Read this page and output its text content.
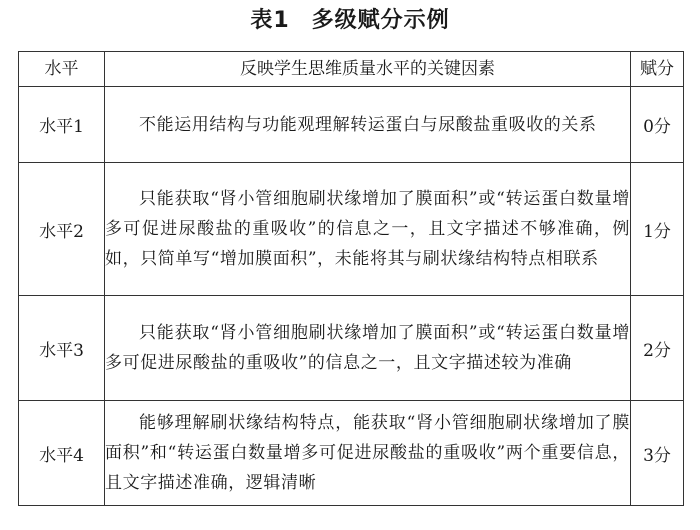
表1 多级赋分示例
水平	反映学生思维质量水平的关键因素	赋分
水平1	不能运用结构与功能观理解转运蛋白与尿酸盐重吸收的关系	0分
水平2	只能获取“肾小管细胞刷状缘增加了膜面积”或“转运蛋白数量增多可促进尿酸盐的重吸收”的信息之一，且文字描述不够准确，例如，只简单写“增加膜面积”，未能将其与刷状缘结构特点相联系	1分
水平3	只能获取“肾小管细胞刷状缘增加了膜面积”或“转运蛋白数量增多可促进尿酸盐的重吸收”的信息之一，且文字描述较为准确	2分
水平4	能够理解刷状缘结构特点，能获取“肾小管细胞刷状缘增加了膜面积”和“转运蛋白数量增多可促进尿酸盐的重吸收”两个重要信息，且文字描述准确，逻辑清晰	3分
